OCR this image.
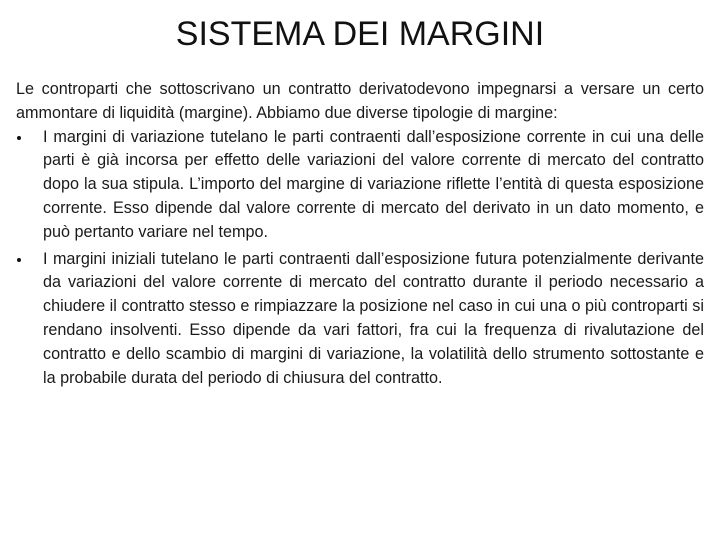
SISTEMA DEI MARGINI

Le controparti che sottoscrivano un contratto derivatodevono impegnarsi a versare un certo ammontare di liquidità (margine). Abbiamo due diverse tipologie di margine:

I margini di variazione tutelano le parti contraenti dall’esposizione corrente in cui una delle parti è già incorsa per effetto delle variazioni del valore corrente di mercato del contratto dopo la sua stipula. L’importo del margine di variazione riflette l’entità di questa esposizione corrente. Esso dipende dal valore corrente di mercato del derivato in un dato momento, e può pertanto variare nel tempo.
I margini iniziali tutelano le parti contraenti dall’esposizione futura potenzialmente derivante da variazioni del valore corrente di mercato del contratto durante il periodo necessario a chiudere il contratto stesso e rimpiazzare la posizione nel caso in cui una o più controparti si rendano insolventi. Esso dipende da vari fattori, fra cui la frequenza di rivalutazione del contratto e dello scambio di margini di variazione, la volatilità dello strumento sottostante e la probabile durata del periodo di chiusura del contratto.
